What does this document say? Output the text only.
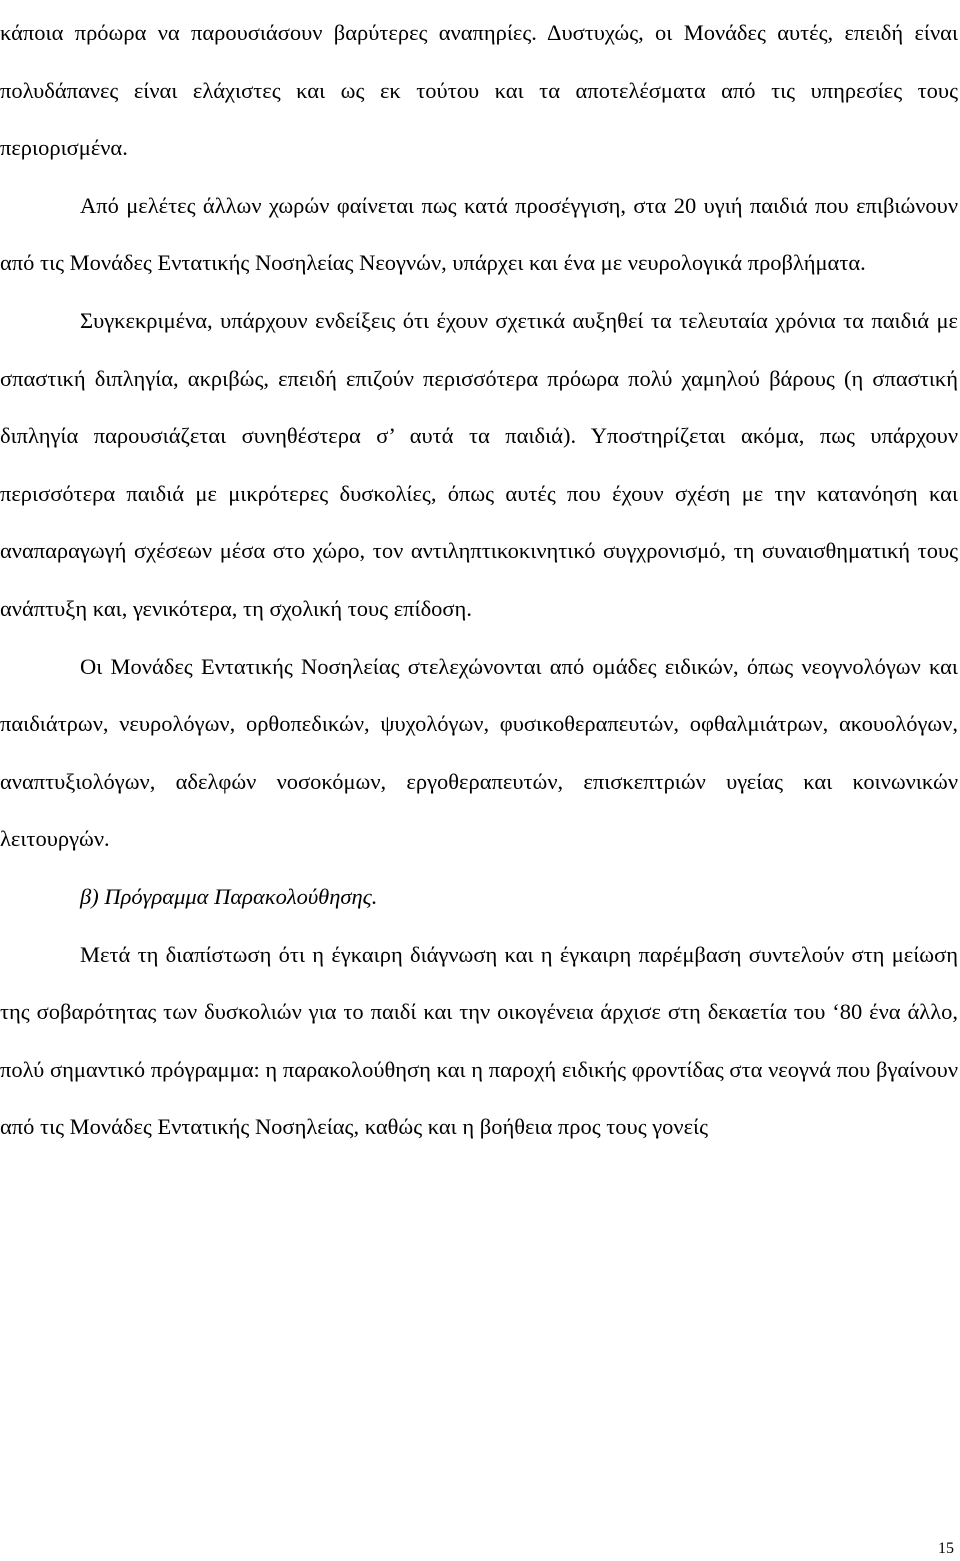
κάποια πρόωρα να παρουσιάσουν βαρύτερες αναπηρίες. Δυστυχώς, οι Μονάδες αυτές, επειδή είναι πολυδάπανες είναι ελάχιστες και ως εκ τούτου και τα αποτελέσματα από τις υπηρεσίες τους περιορισμένα.

Από μελέτες άλλων χωρών φαίνεται πως κατά προσέγγιση, στα 20 υγιή παιδιά που επιβιώνουν από τις Μονάδες Εντατικής Νοσηλείας Νεογνών, υπάρχει και ένα με νευρολογικά προβλήματα.

Συγκεκριμένα, υπάρχουν ενδείξεις ότι έχουν σχετικά αυξηθεί τα τελευταία χρόνια τα παιδιά με σπαστική διπληγία, ακριβώς, επειδή επιζούν περισσότερα πρόωρα πολύ χαμηλού βάρους (η σπαστική διπληγία παρουσιάζεται συνηθέστερα σ’ αυτά τα παιδιά). Υποστηρίζεται ακόμα, πως υπάρχουν περισσότερα παιδιά με μικρότερες δυσκολίες, όπως αυτές που έχουν σχέση με την κατανόηση και αναπαραγωγή σχέσεων μέσα στο χώρο, τον αντιληπτικοκινητικό συγχρονισμό, τη συναισθηματική τους ανάπτυξη και, γενικότερα, τη σχολική τους επίδοση.

Οι Μονάδες Εντατικής Νοσηλείας στελεχώνονται από ομάδες ειδικών, όπως νεογνολόγων και παιδιάτρων, νευρολόγων, ορθοπεδικών, ψυχολόγων, φυσικοθεραπευτών, οφθαλμιάτρων, ακουολόγων, αναπτυξιολόγων, αδελφών νοσοκόμων, εργοθεραπευτών, επισκεπτριών υγείας και κοινωνικών λειτουργών.

β) Πρόγραμμα Παρακολούθησης.

Μετά τη διαπίστωση ότι η έγκαιρη διάγνωση και η έγκαιρη παρέμβαση συντελούν στη μείωση της σοβαρότητας των δυσκολιών για το παιδί και την οικογένεια άρχισε στη δεκαετία του ‘80 ένα άλλο, πολύ σημαντικό πρόγραμμα: η παρακολούθηση και η παροχή ειδικής φροντίδας στα νεογνά που βγαίνουν από τις Μονάδες Εντατικής Νοσηλείας, καθώς και η βοήθεια προς τους γονείς

15
